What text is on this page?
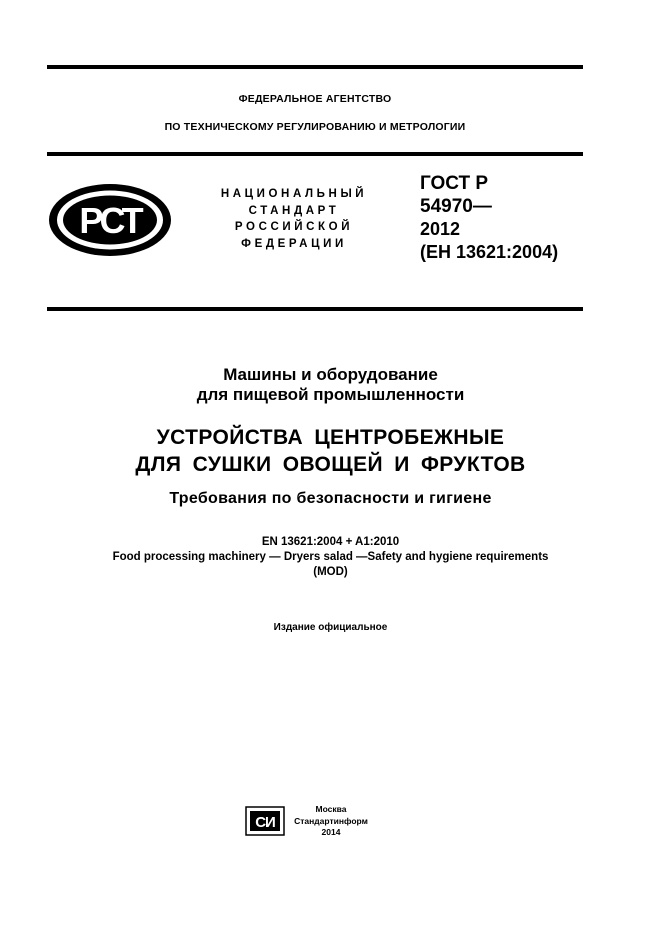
ФЕДЕРАЛЬНОЕ АГЕНТСТВО
ПО ТЕХНИЧЕСКОМУ РЕГУЛИРОВАНИЮ И МЕТРОЛОГИИ
РСТ
НАЦИОНАЛЬНЫЙ
СТАНДАРТ
РОССИЙСКОЙ
ФЕДЕРАЦИИ
ГОСТ Р
54970—
2012
(ЕН 13621:2004)
Машины и оборудование
для пищевой промышленности
УСТРОЙСТВА ЦЕНТРОБЕЖНЫЕ
ДЛЯ СУШКИ ОВОЩЕЙ И ФРУКТОВ
Требования по безопасности и гигиене
EN 13621:2004 + A1:2010
Food processing machinery — Dryers salad —Safety and hygiene requirements
(MOD)
Издание официальное
СИ
Москва
Стандартинформ
2014
